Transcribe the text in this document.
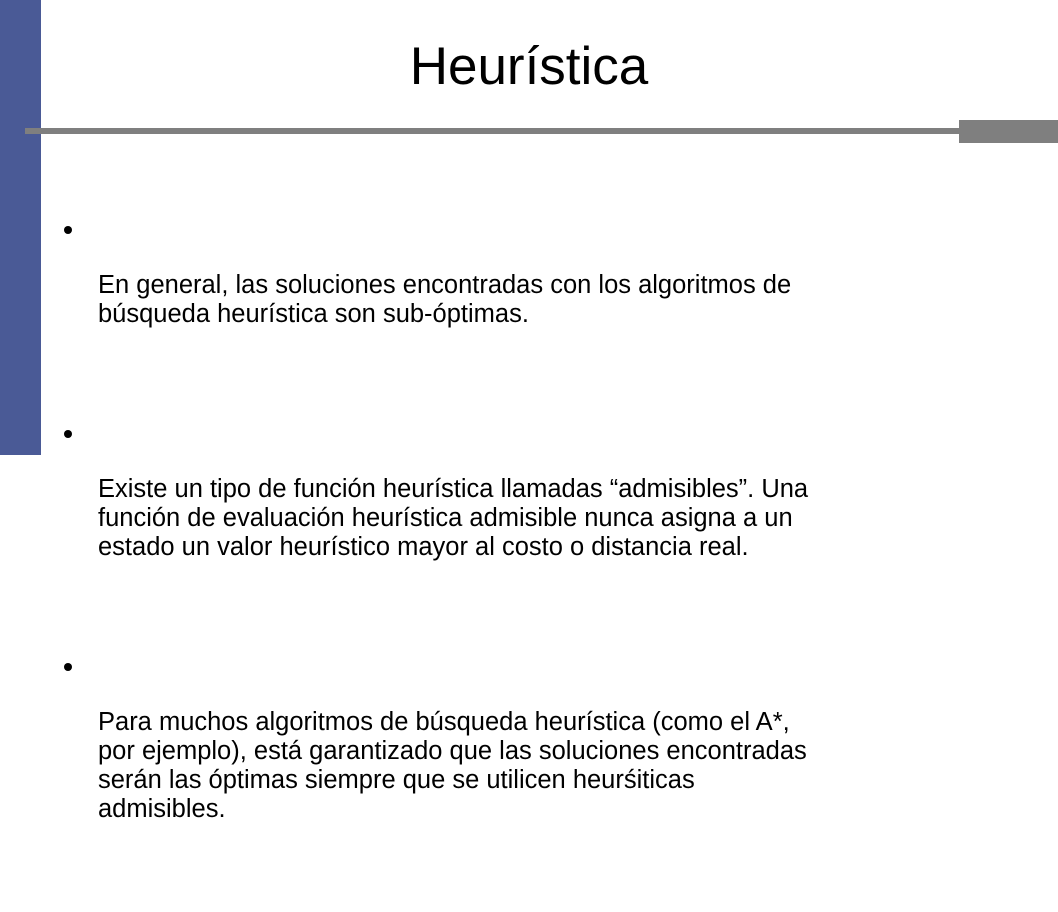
Heurística

En general, las soluciones encontradas con los algoritmos de
búsqueda heurística son sub-óptimas.

Existe un tipo de función heurística llamadas “admisibles”. Una
función de evaluación heurística admisible nunca asigna a un
estado un valor heurístico mayor al costo o distancia real.

Para muchos algoritmos de búsqueda heurística (como el A*,
por ejemplo), está garantizado que las soluciones encontradas
serán las óptimas siempre que se utilicen heurśiticas
admisibles.
